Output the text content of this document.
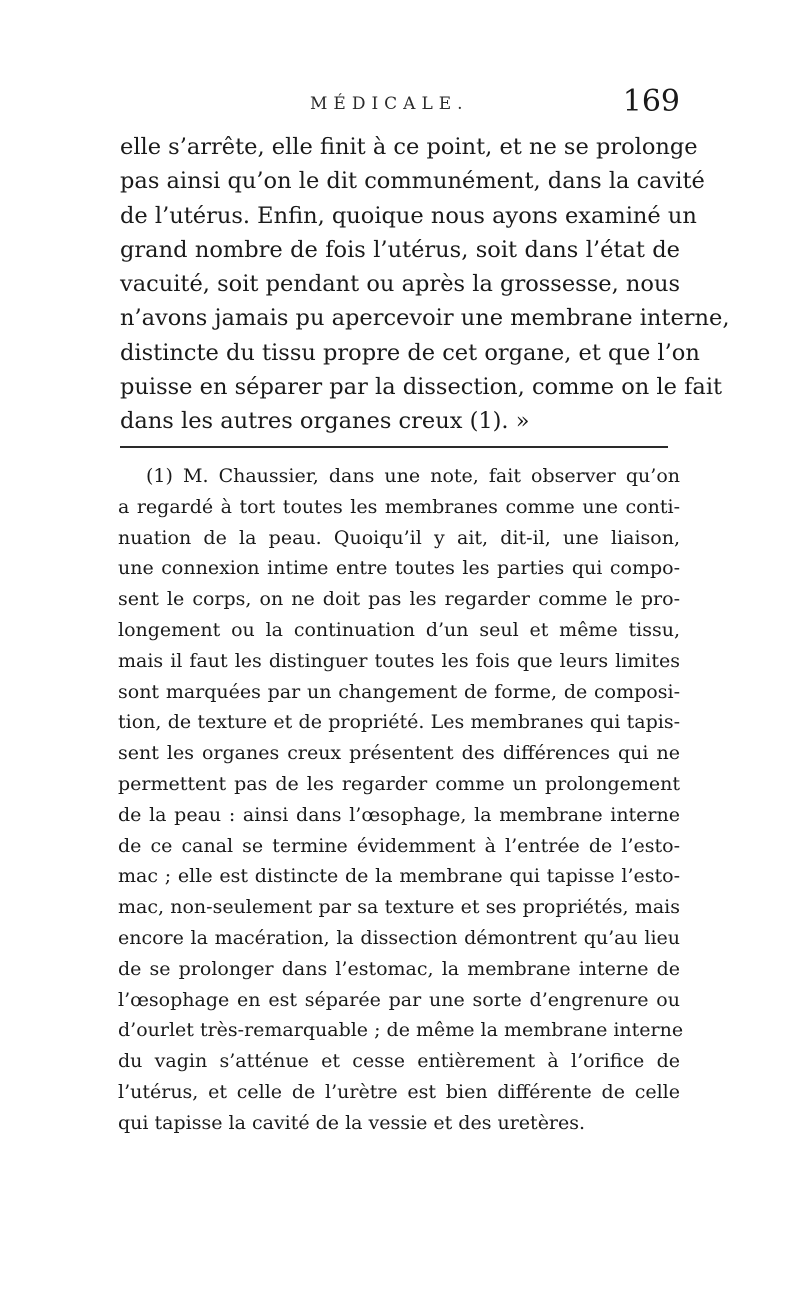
MÉDICALE.	169
elle s’arrête, elle finit à ce point, et ne se prolonge
pas ainsi qu’on le dit communément, dans la cavité
de l’utérus. Enfin, quoique nous ayons examiné un
grand nombre de fois l’utérus, soit dans l’état de
vacuité, soit pendant ou après la grossesse, nous
n’avons jamais pu apercevoir une membrane interne,
distincte du tissu propre de cet organe, et que l’on
puisse en séparer par la dissection, comme on le fait
dans les autres organes creux (1). »
(1) M. Chaussier, dans une note, fait observer qu’on
a regardé à tort toutes les membranes comme une conti-
nuation de la peau. Quoiqu’il y ait, dit-il, une liaison,
une connexion intime entre toutes les parties qui compo-
sent le corps, on ne doit pas les regarder comme le pro-
longement ou la continuation d’un seul et même tissu,
mais il faut les distinguer toutes les fois que leurs limites
sont marquées par un changement de forme, de composi-
tion, de texture et de propriété. Les membranes qui tapis-
sent les organes creux présentent des différences qui ne
permettent pas de les regarder comme un prolongement
de la peau : ainsi dans l’œsophage, la membrane interne
de ce canal se termine évidemment à l’entrée de l’esto-
mac ; elle est distincte de la membrane qui tapisse l’esto-
mac, non-seulement par sa texture et ses propriétés, mais
encore la macération, la dissection démontrent qu’au lieu
de se prolonger dans l’estomac, la membrane interne de
l’œsophage en est séparée par une sorte d’engrenure ou
d’ourlet très-remarquable ; de même la membrane interne
du vagin s’atténue et cesse entièrement à l’orifice de
l’utérus, et celle de l’urètre est bien différente de celle
qui tapisse la cavité de la vessie et des uretères.
